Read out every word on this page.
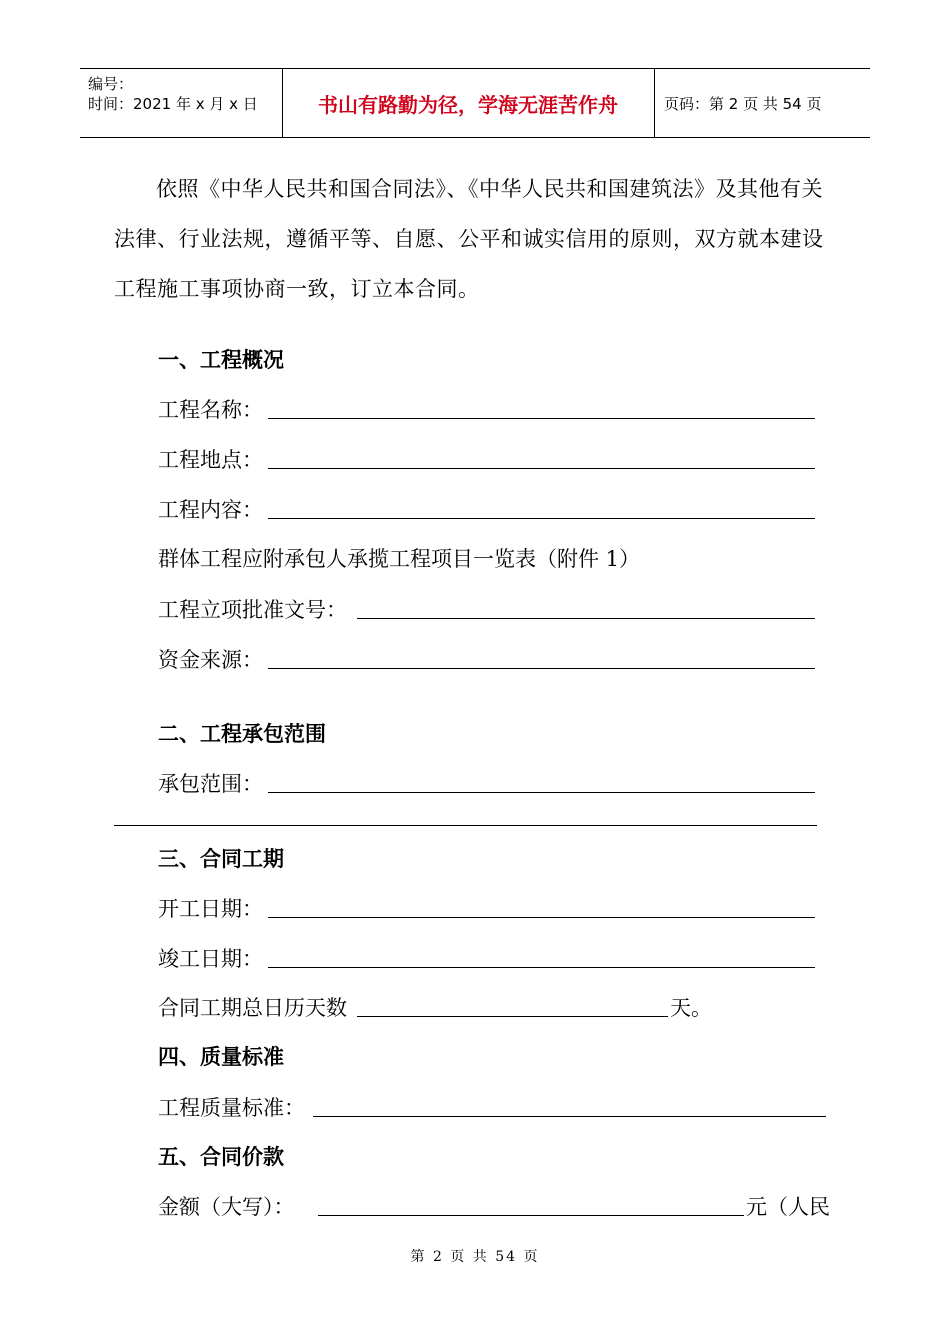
编号：
时间：2021 年 x 月 x 日	书山有路勤为径，学海无涯苦作舟	页码：第 2 页 共 54 页
依照《中华人民共和国合同法》、《中华人民共和国建筑法》及其他有关法律、行业法规，遵循平等、自愿、公平和诚实信用的原则，双方就本建设工程施工事项协商一致，订立本合同。
一、工程概况
工程名称：
工程地点：
工程内容：
群体工程应附承包人承揽工程项目一览表（附件 1）
工程立项批准文号：
资金来源：
二、工程承包范围
承包范围：
三、合同工期
开工日期：
竣工日期：
合同工期总日历天数	天。
四、质量标准
工程质量标准：
五、合同价款
金额（大写）：	元（人民
第 2 页 共 54 页
